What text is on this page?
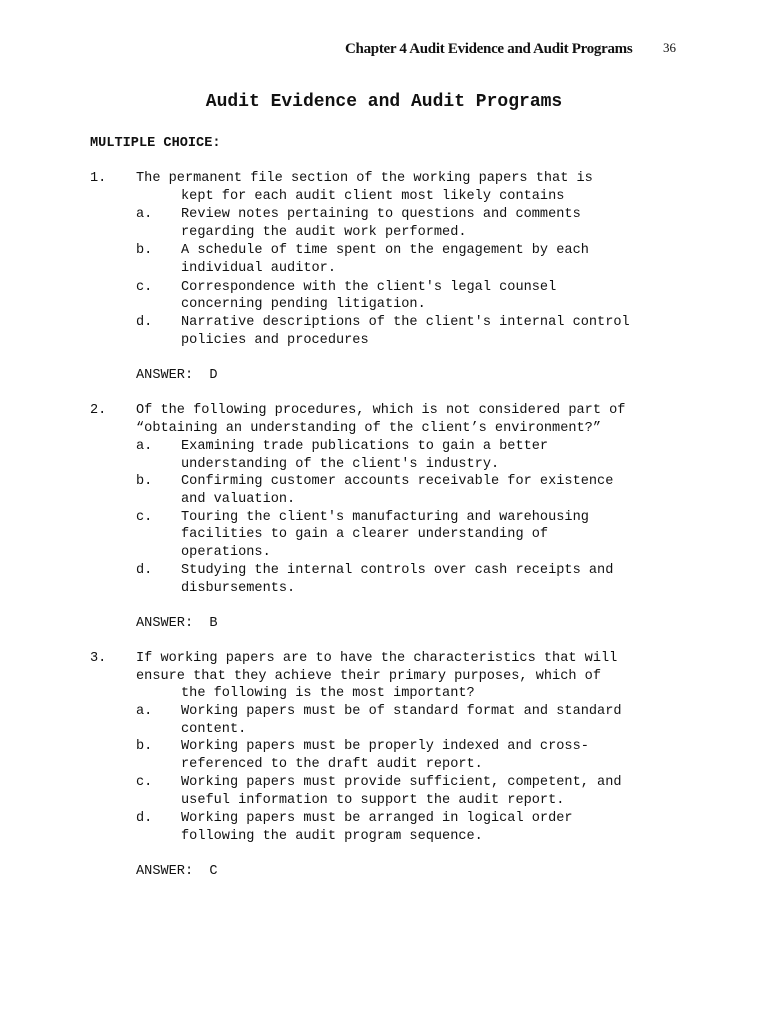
Chapter 4 Audit Evidence and Audit Programs 36
Audit Evidence and Audit Programs
MULTIPLE CHOICE:

1.

The permanent file section of the working papers that is

kept for each audit client most likely contains

a.

Review notes pertaining to questions and comments

regarding the audit work performed.

b.

A schedule of time spent on the engagement by each

individual auditor.

c.

Correspondence with the client's legal counsel

concerning pending litigation.

d.

Narrative descriptions of the client's internal control

policies and procedures

ANSWER:  D

2.

Of the following procedures, which is not considered part of

“obtaining an understanding of the client’s environment?”

a.

Examining trade publications to gain a better

understanding of the client's industry.

b.

Confirming customer accounts receivable for existence

and valuation.

c.

Touring the client's manufacturing and warehousing

facilities to gain a clearer understanding of

operations.

d.

Studying the internal controls over cash receipts and

disbursements.

ANSWER:  B

3.

If working papers are to have the characteristics that will

ensure that they achieve their primary purposes, which of

the following is the most important?

a.

Working papers must be of standard format and standard

content.

b.

Working papers must be properly indexed and cross-

referenced to the draft audit report.

c.

Working papers must provide sufficient, competent, and

useful information to support the audit report.

d.

Working papers must be arranged in logical order

following the audit program sequence.

ANSWER:  C
